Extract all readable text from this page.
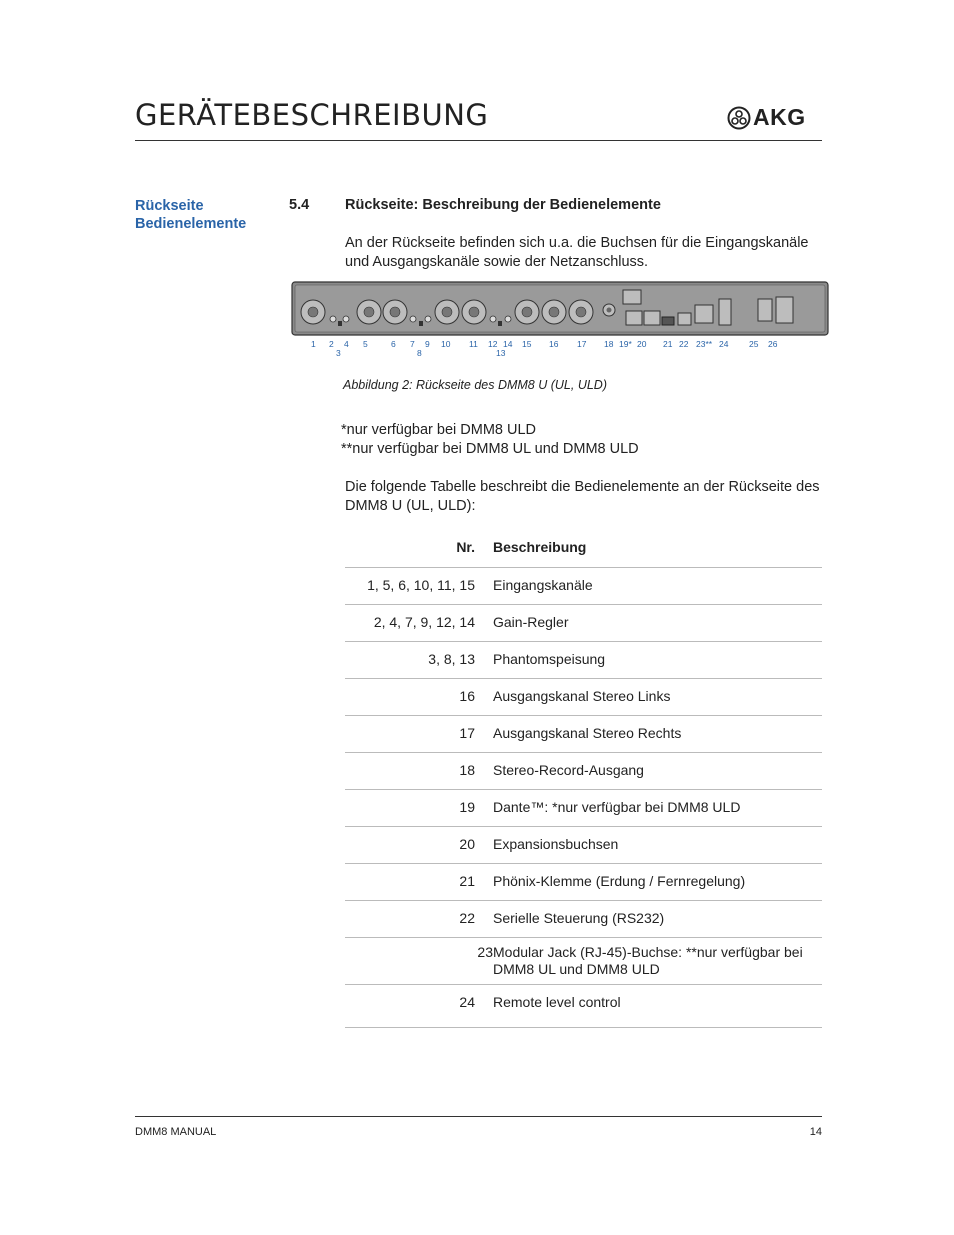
GERÄTEBESCHREIBUNG	AKG
Rückseite
Bedienelemente
5.4 Rückseite: Beschreibung der Bedienelemente
An der Rückseite befinden sich u.a. die Buchsen für die Eingangskanäle und Ausgangskanäle sowie der Netzanschluss.
1 2 4 5	6 7 9 10 11 12 14 15 16 17 18 19* 20 21 22 23** 24 25 26
3	8	13
Abbildung 2: Rückseite des DMM8 U (UL, ULD)
*nur verfügbar bei DMM8 ULD
**nur verfügbar bei DMM8 UL und DMM8 ULD
Die folgende Tabelle beschreibt die Bedienelemente an der Rückseite des DMM8 U (UL, ULD):
Nr.	Beschreibung
1, 5, 6, 10, 11, 15	Eingangskanäle
2, 4, 7, 9, 12, 14	Gain-Regler
3, 8, 13	Phantomspeisung
16	Ausgangskanal Stereo Links
17	Ausgangskanal Stereo Rechts
18	Stereo-Record-Ausgang
19	Dante™: *nur verfügbar bei DMM8 ULD
20	Expansionsbuchsen
21	Phönix-Klemme (Erdung / Fernregelung)
22	Serielle Steuerung (RS232)
23	Modular Jack (RJ-45)-Buchse: **nur verfügbar bei DMM8 UL und DMM8 ULD
24	Remote level control
DMM8 MANUAL	14
